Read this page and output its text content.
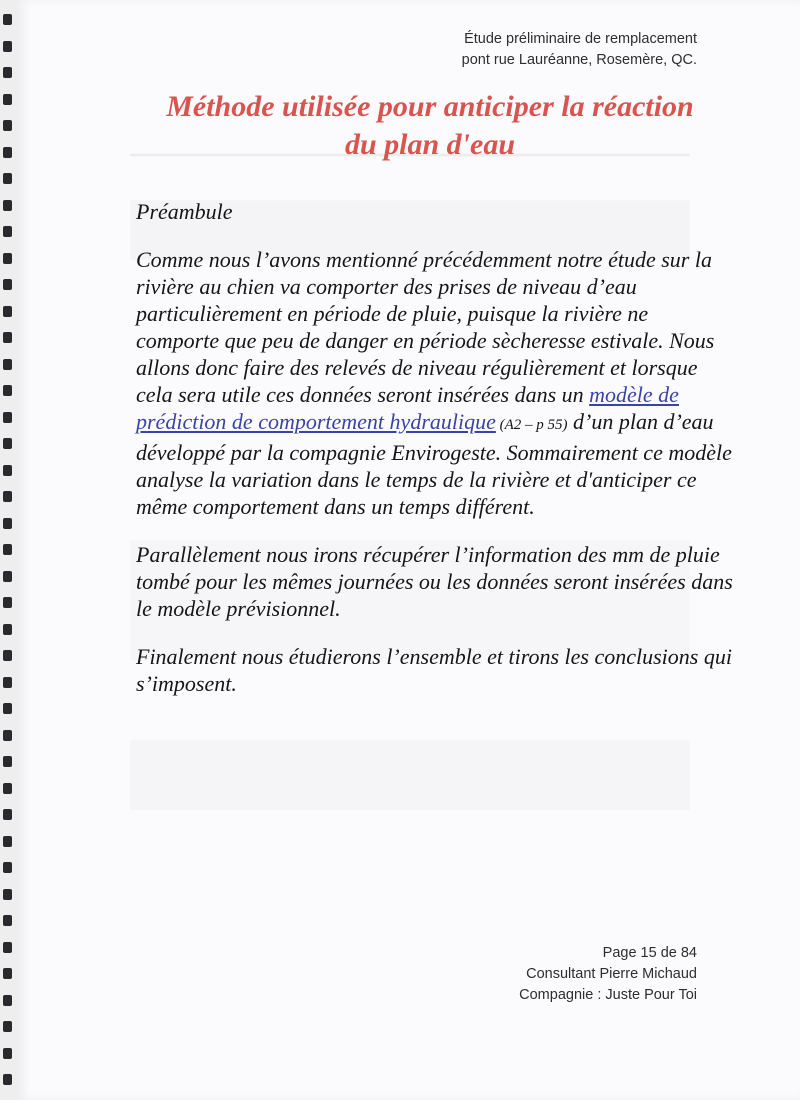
Étude préliminaire de remplacement
pont rue Lauréanne, Rosemère, QC.
Méthode utilisée pour anticiper la réaction
du plan d'eau

Préambule

Comme nous l’avons mentionné précédemment notre étude sur la rivière au chien va comporter des prises de niveau d’eau particulièrement en période de pluie, puisque la rivière ne comporte que peu de danger en période sècheresse estivale. Nous allons donc faire des relevés de niveau régulièrement et lorsque cela sera utile ces données seront insérées dans un modèle de prédiction de comportement hydraulique (A2 – p 55) d’un plan d’eau développé par la compagnie Envirogeste. Sommairement ce modèle analyse la variation dans le temps de la rivière et d'anticiper ce même comportement dans un temps différent.

Parallèlement nous irons récupérer l’information des mm de pluie tombé pour les mêmes journées ou les données seront insérées dans le modèle prévisionnel.

Finalement nous étudierons l’ensemble et tirons les conclusions qui s’imposent.

Page 15 de 84
Consultant Pierre Michaud
Compagnie : Juste Pour Toi
